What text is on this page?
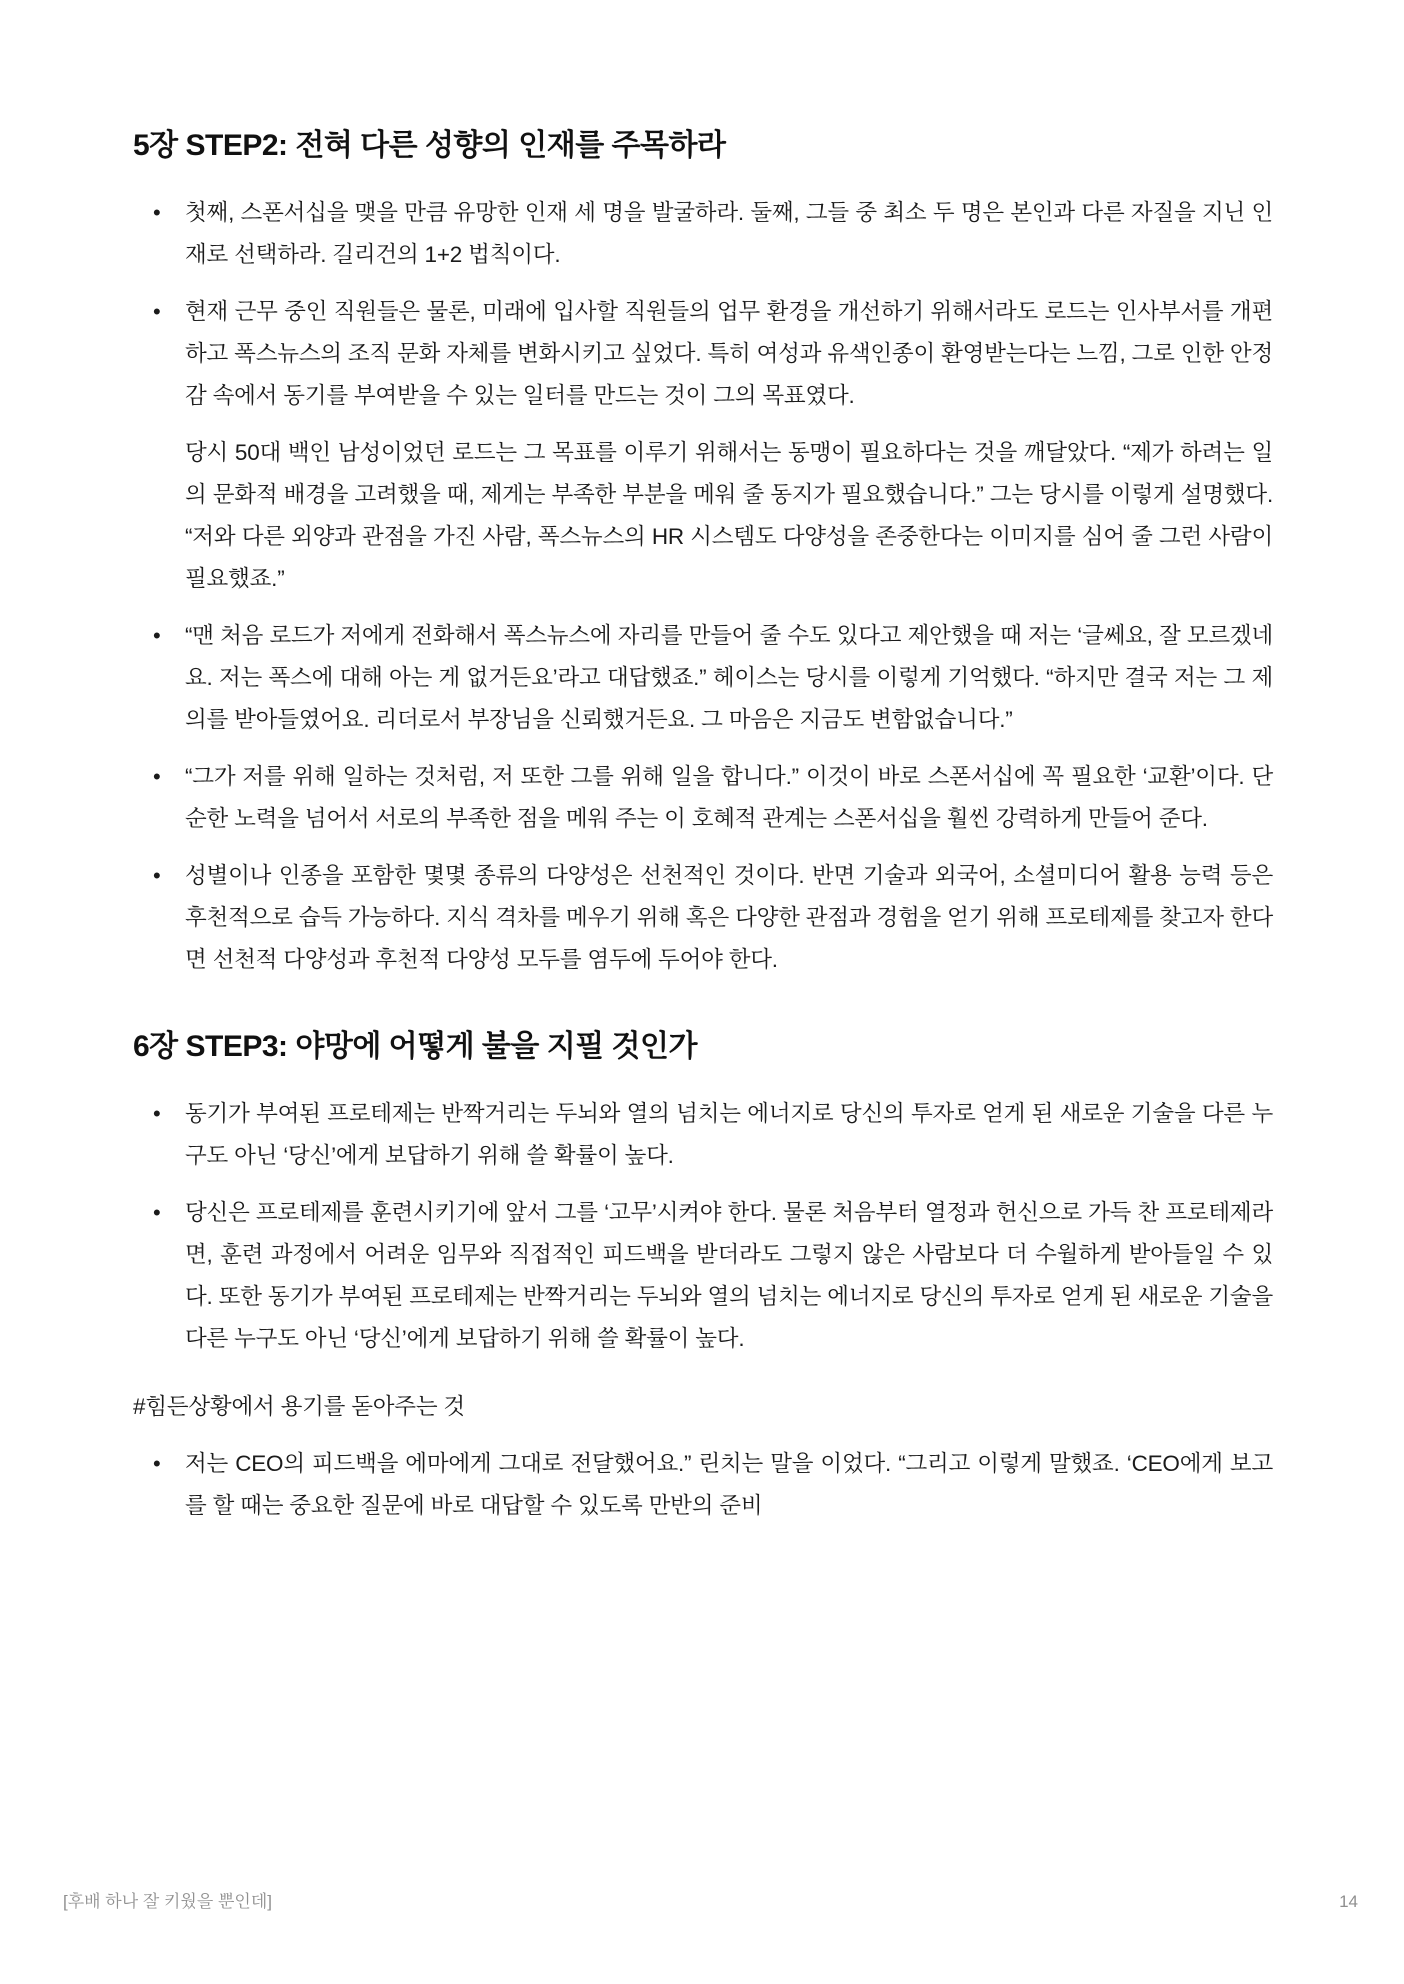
5장 STEP2: 전혀 다른 성향의 인재를 주목하라
•	첫째, 스폰서십을 맺을 만큼 유망한 인재 세 명을 발굴하라. 둘째, 그들 중 최소 두 명은 본인과 다른 자질을 지닌 인재로 선택하라. 길리건의 1+2 법칙이다.

•	현재 근무 중인 직원들은 물론, 미래에 입사할 직원들의 업무 환경을 개선하기 위해서라도 로드는 인사부서를 개편하고 폭스뉴스의 조직 문화 자체를 변화시키고 싶었다. 특히 여성과 유색인종이 환영받는다는 느낌, 그로 인한 안정감 속에서 동기를 부여받을 수 있는 일터를 만드는 것이 그의 목표였다.

당시 50대 백인 남성이었던 로드는 그 목표를 이루기 위해서는 동맹이 필요하다는 것을 깨달았다. “제가 하려는 일의 문화적 배경을 고려했을 때, 제게는 부족한 부분을 메워 줄 동지가 필요했습니다.” 그는 당시를 이렇게 설명했다. “저와 다른 외양과 관점을 가진 사람, 폭스뉴스의 HR 시스템도 다양성을 존중한다는 이미지를 심어 줄 그런 사람이 필요했죠.”

•	“맨 처음 로드가 저에게 전화해서 폭스뉴스에 자리를 만들어 줄 수도 있다고 제안했을 때 저는 ‘글쎄요, 잘 모르겠네요. 저는 폭스에 대해 아는 게 없거든요’라고 대답했죠.” 헤이스는 당시를 이렇게 기억했다. “하지만 결국 저는 그 제의를 받아들였어요. 리더로서 부장님을 신뢰했거든요. 그 마음은 지금도 변함없습니다.”

•	“그가 저를 위해 일하는 것처럼, 저 또한 그를 위해 일을 합니다.” 이것이 바로 스폰서십에 꼭 필요한 ‘교환’이다. 단순한 노력을 넘어서 서로의 부족한 점을 메워 주는 이 호혜적 관계는 스폰서십을 훨씬 강력하게 만들어 준다.

•	성별이나 인종을 포함한 몇몇 종류의 다양성은 선천적인 것이다. 반면 기술과 외국어, 소셜미디어 활용 능력 등은 후천적으로 습득 가능하다. 지식 격차를 메우기 위해 혹은 다양한 관점과 경험을 얻기 위해 프로테제를 찾고자 한다면 선천적 다양성과 후천적 다양성 모두를 염두에 두어야 한다.

6장 STEP3: 야망에 어떻게 불을 지필 것인가
•	동기가 부여된 프로테제는 반짝거리는 두뇌와 열의 넘치는 에너지로 당신의 투자로 얻게 된 새로운 기술을 다른 누구도 아닌 ‘당신’에게 보답하기 위해 쓸 확률이 높다.

•	당신은 프로테제를 훈련시키기에 앞서 그를 ‘고무’시켜야 한다. 물론 처음부터 열정과 헌신으로 가득 찬 프로테제라면, 훈련 과정에서 어려운 임무와 직접적인 피드백을 받더라도 그렇지 않은 사람보다 더 수월하게 받아들일 수 있다. 또한 동기가 부여된 프로테제는 반짝거리는 두뇌와 열의 넘치는 에너지로 당신의 투자로 얻게 된 새로운 기술을 다른 누구도 아닌 ‘당신’에게 보답하기 위해 쓸 확률이 높다.

#힘든상황에서 용기를 돋아주는 것

•	저는 CEO의 피드백을 에마에게 그대로 전달했어요.” 린치는 말을 이었다. “그리고 이렇게 말했죠. ‘CEO에게 보고를 할 때는 중요한 질문에 바로 대답할 수 있도록 만반의 준비

[후배 하나 잘 키웠을 뿐인데]	14
